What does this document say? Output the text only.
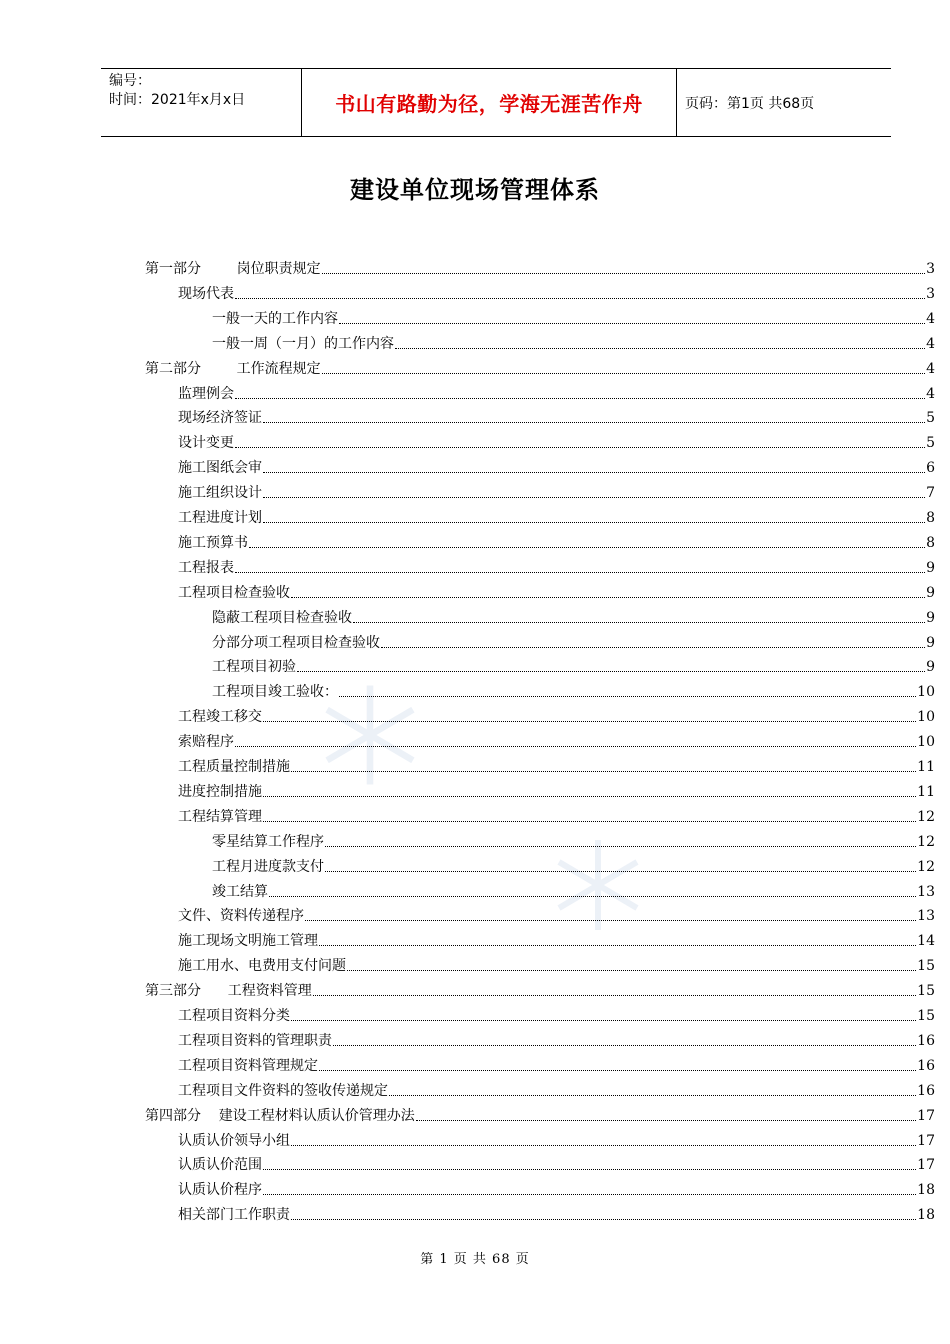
编号：
时间：2021年x月x日	书山有路勤为径，学海无涯苦作舟	页码：第1页 共68页
建设单位现场管理体系
第一部分        岗位职责规定	3
现场代表	3
一般一天的工作内容	4
一般一周（一月）的工作内容	4
第二部分        工作流程规定	4
监理例会	4
现场经济签证	5
设计变更	5
施工图纸会审	6
施工组织设计	7
工程进度计划	8
施工预算书	8
工程报表	9
工程项目检查验收	9
隐蔽工程项目检查验收	9
分部分项工程项目检查验收	9
工程项目初验	9
工程项目竣工验收：	10
工程竣工移交	10
索赔程序	10
工程质量控制措施	11
进度控制措施	11
工程结算管理	12
零星结算工作程序	12
工程月进度款支付	12
竣工结算	13
文件、资料传递程序	13
施工现场文明施工管理	14
施工用水、电费用支付问题	15
第三部分      工程资料管理	15
工程项目资料分类	15
工程项目资料的管理职责	16
工程项目资料管理规定	16
工程项目文件资料的签收传递规定	16
第四部分    建设工程材料认质认价管理办法	17
认质认价领导小组	17
认质认价范围	17
认质认价程序	18
相关部门工作职责	18
第 1 页 共 68 页
